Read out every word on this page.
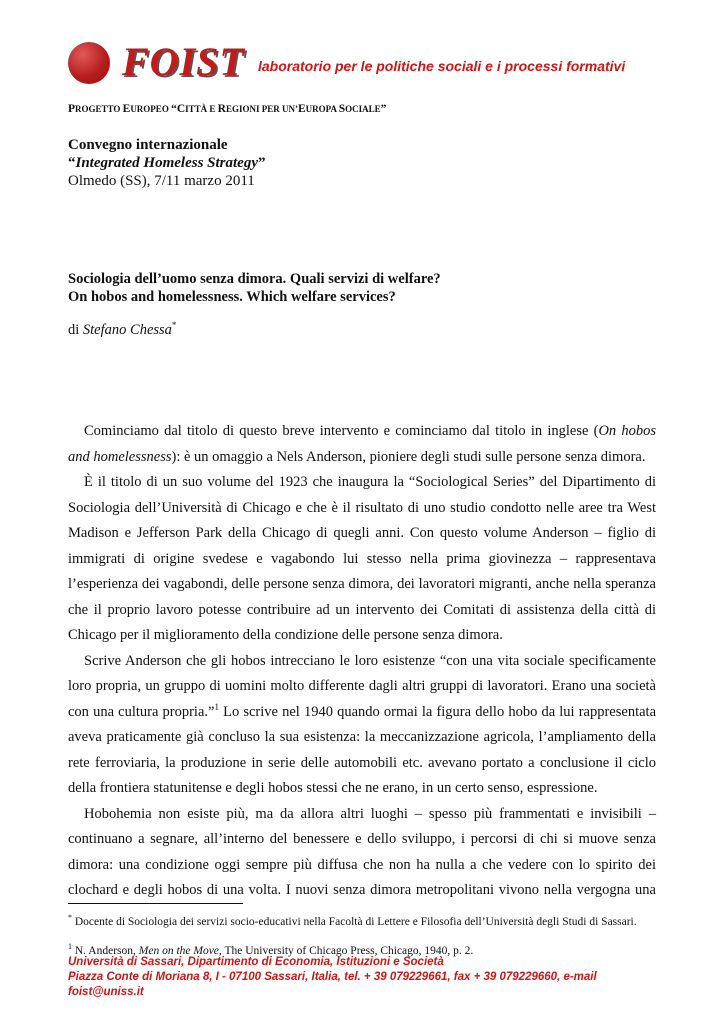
FOIST laboratorio per le politiche sociali e i processi formativi
PROGETTO EUROPEO “CITTÀ E REGIONI PER UN’EUROPA SOCIALE”
Convegno internazionale
“Integrated Homeless Strategy”
Olmedo (SS), 7/11 marzo 2011
Sociologia dell’uomo senza dimora. Quali servizi di welfare?
On hobos and homelessness. Which welfare services?
di Stefano Chessa*

Cominciamo dal titolo di questo breve intervento e cominciamo dal titolo in inglese (On hobos and homelessness): è un omaggio a Nels Anderson, pioniere degli studi sulle persone senza dimora.

È il titolo di un suo volume del 1923 che inaugura la “Sociological Series” del Dipartimento di Sociologia dell’Università di Chicago e che è il risultato di uno studio condotto nelle aree tra West Madison e Jefferson Park della Chicago di quegli anni. Con questo volume Anderson – figlio di immigrati di origine svedese e vagabondo lui stesso nella prima giovinezza – rappresentava l’esperienza dei vagabondi, delle persone senza dimora, dei lavoratori migranti, anche nella speranza che il proprio lavoro potesse contribuire ad un intervento dei Comitati di assistenza della città di Chicago per il miglioramento della condizione delle persone senza dimora.

Scrive Anderson che gli hobos intrecciano le loro esistenze “con una vita sociale specificamente loro propria, un gruppo di uomini molto differente dagli altri gruppi di lavoratori. Erano una società con una cultura propria.”$^1$ Lo scrive nel 1940 quando ormai la figura dello hobo da lui rappresentata aveva praticamente già concluso la sua esistenza: la meccanizzazione agricola, l’ampliamento della rete ferroviaria, la produzione in serie delle automobili etc. avevano portato a conclusione il ciclo della frontiera statunitense e degli hobos stessi che ne erano, in un certo senso, espressione.

Hobohemia non esiste più, ma da allora altri luoghi – spesso più frammentati e invisibili – continuano a segnare, all’interno del benessere e dello sviluppo, i percorsi di chi si muove senza dimora: una condizione oggi sempre più diffusa che non ha nulla a che vedere con lo spirito dei clochard e degli hobos di una volta. I nuovi senza dimora metropolitani vivono nella vergogna una

* Docente di Sociologia dei servizi socio-educativi nella Facoltà di Lettere e Filosofia dell’Università degli Studi di Sassari.
$^1$ N. Anderson, Men on the Move, The University of Chicago Press, Chicago, 1940, p. 2.
Università di Sassari, Dipartimento di Economia, Istituzioni e Società
Piazza Conte di Moriana 8, I - 07100 Sassari, Italia, tel. + 39 079229661, fax + 39 079229660, e-mail foist@uniss.it
